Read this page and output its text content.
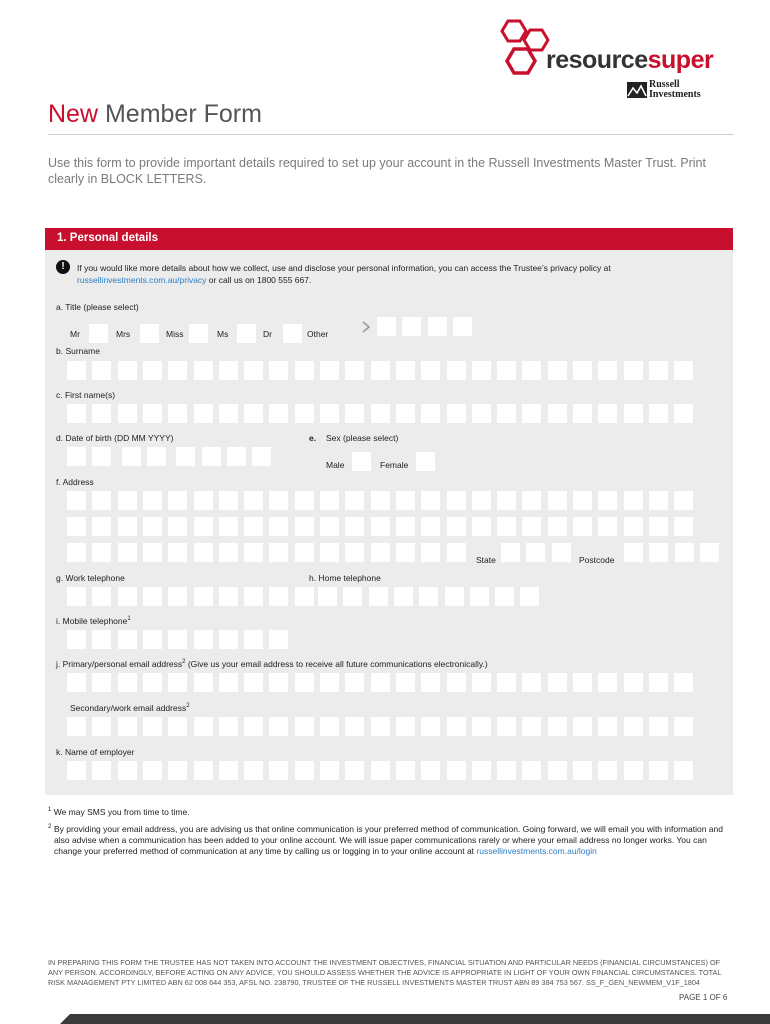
resourcesuper
Russell
Investments
New Member Form
Use this form to provide important details required to set up your account in the Russell Investments Master Trust. Print clearly in BLOCK LETTERS.
1. Personal details
!	If you would like more details about how we collect, use and disclose your personal information, you can access the Trustee’s privacy policy at russellinvestments.com.au/privacy or call us on 1800 555 667.
a. Title (please select)
Mr	Mrs	Miss	Ms	Dr	Other
b. Surname
c. First name(s)
d. Date of birth (DD MM YYYY)	e. Sex (please select)
Male	Female
f. Address
State	Postcode
g. Work telephone	h. Home telephone
i. Mobile telephone$^1$
j. Primary/personal email address$^2$ (Give us your email address to receive all future communications electronically.)
Secondary/work email address$^2$
k. Name of employer
$^1$ We may SMS you from time to time.
$^2$ By providing your email address, you are advising us that online communication is your preferred method of communication. Going forward, we will email you with information and also advise when a communication has been added to your online account. We will issue paper communications rarely or where your email address no longer works. You can change your preferred method of communication at any time by calling us or logging in to your online account at russellinvestments.com.au/login
IN PREPARING THIS FORM THE TRUSTEE HAS NOT TAKEN INTO ACCOUNT THE INVESTMENT OBJECTIVES, FINANCIAL SITUATION AND PARTICULAR NEEDS (FINANCIAL CIRCUMSTANCES) OF ANY PERSON. ACCORDINGLY, BEFORE ACTING ON ANY ADVICE, YOU SHOULD ASSESS WHETHER THE ADVICE IS APPROPRIATE IN LIGHT OF YOUR OWN FINANCIAL CIRCUMSTANCES. TOTAL RISK MANAGEMENT PTY LIMITED ABN 62 008 644 353, AFSL NO. 238790, TRUSTEE OF THE RUSSELL INVESTMENTS MASTER TRUST ABN 89 384 753 567. SS_F_GEN_NEWMEM_V1F_1804
PAGE 1 OF 6
